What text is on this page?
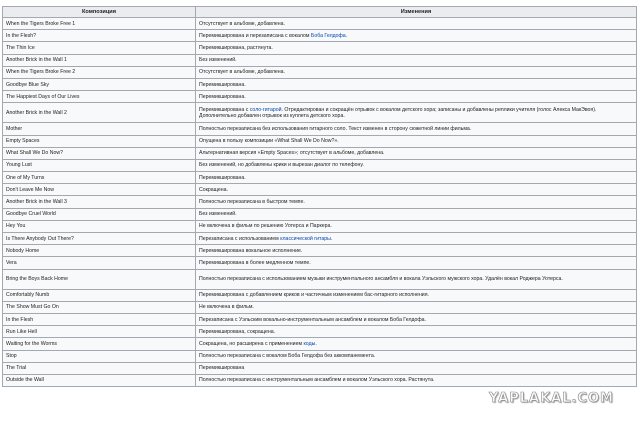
Композиция	Изменения
When the Tigers Broke Free 1	Отсутствует в альбоме, добавлена.
In the Flesh?	Перемикширована и перезаписана с вокалом Боба Гелдофа.
The Thin Ice	Перемикширована, растянута.
Another Brick in the Wall 1	Без изменений.
When the Tigers Broke Free 2	Отсутствует в альбоме, добавлена.
Goodbye Blue Sky	Перемикширована.
The Happiest Days of Our Lives	Перемикширована.
Another Brick in the Wall 2	Перемикширована с соло-гитарой. Отредактирован и сокращён отрывок с вокалом детского хора; записаны и добавлены реплики учителя (голос Алекса МакЭвоя). Дополнительно добавлен отрывок из куплета детского хора.
Mother	Полностью перезаписана без использования гитарного соло. Текст изменен в сторону сюжетной линии фильма.
Empty Spaces	Опущена в пользу композиции «What Shall We Do Now?».
What Shall We Do Now?	Альтернативная версия «Empty Spaces»; отсутствует в альбоме, добавлена.
Young Lust	Без изменений, но добавлены крики и вырезан диалог по телефону.
One of My Turns	Перемикширована.
Don't Leave Me Now	Сокращена.
Another Brick in the Wall 3	Полностью перезаписана в быстром темпе.
Goodbye Cruel World	Без изменений.
Hey You	Не включена в фильм по решению Уотерса и Паркера.
Is There Anybody Out There?	Перезаписана с использованием классической гитары.
Nobody Home	Перемикширована вокальное исполнение.
Vera	Перемикширована в более медленном темпе.
Bring the Boys Back Home	Полностью перезаписана с использованием музыки инструментального ансамбля и вокала Уэльского мужского хора. Удалён вокал Роджера Уотерса.
Comfortably Numb	Перемикширована с добавлением криков и частичным изменением бас-гитарного исполнения.
The Show Must Go On	Не включена в фильм.
In the Flesh	Перезаписана с Уэльским вокально-инструментальным ансамблем и вокалом Боба Гелдофа.
Run Like Hell	Перемикширована, сокращена.
Waiting for the Worms	Сокращена, но расширена с применением коды.
Stop	Полностью перезаписана с вокалом Боба Гелдофа без аккомпанемента.
The Trial	Перемикширована
Outside the Wall	Полностью перезаписана с инструментальным ансамблем и вокалом Уэльского хора. Растянута.
YAPLAKAL.COM
